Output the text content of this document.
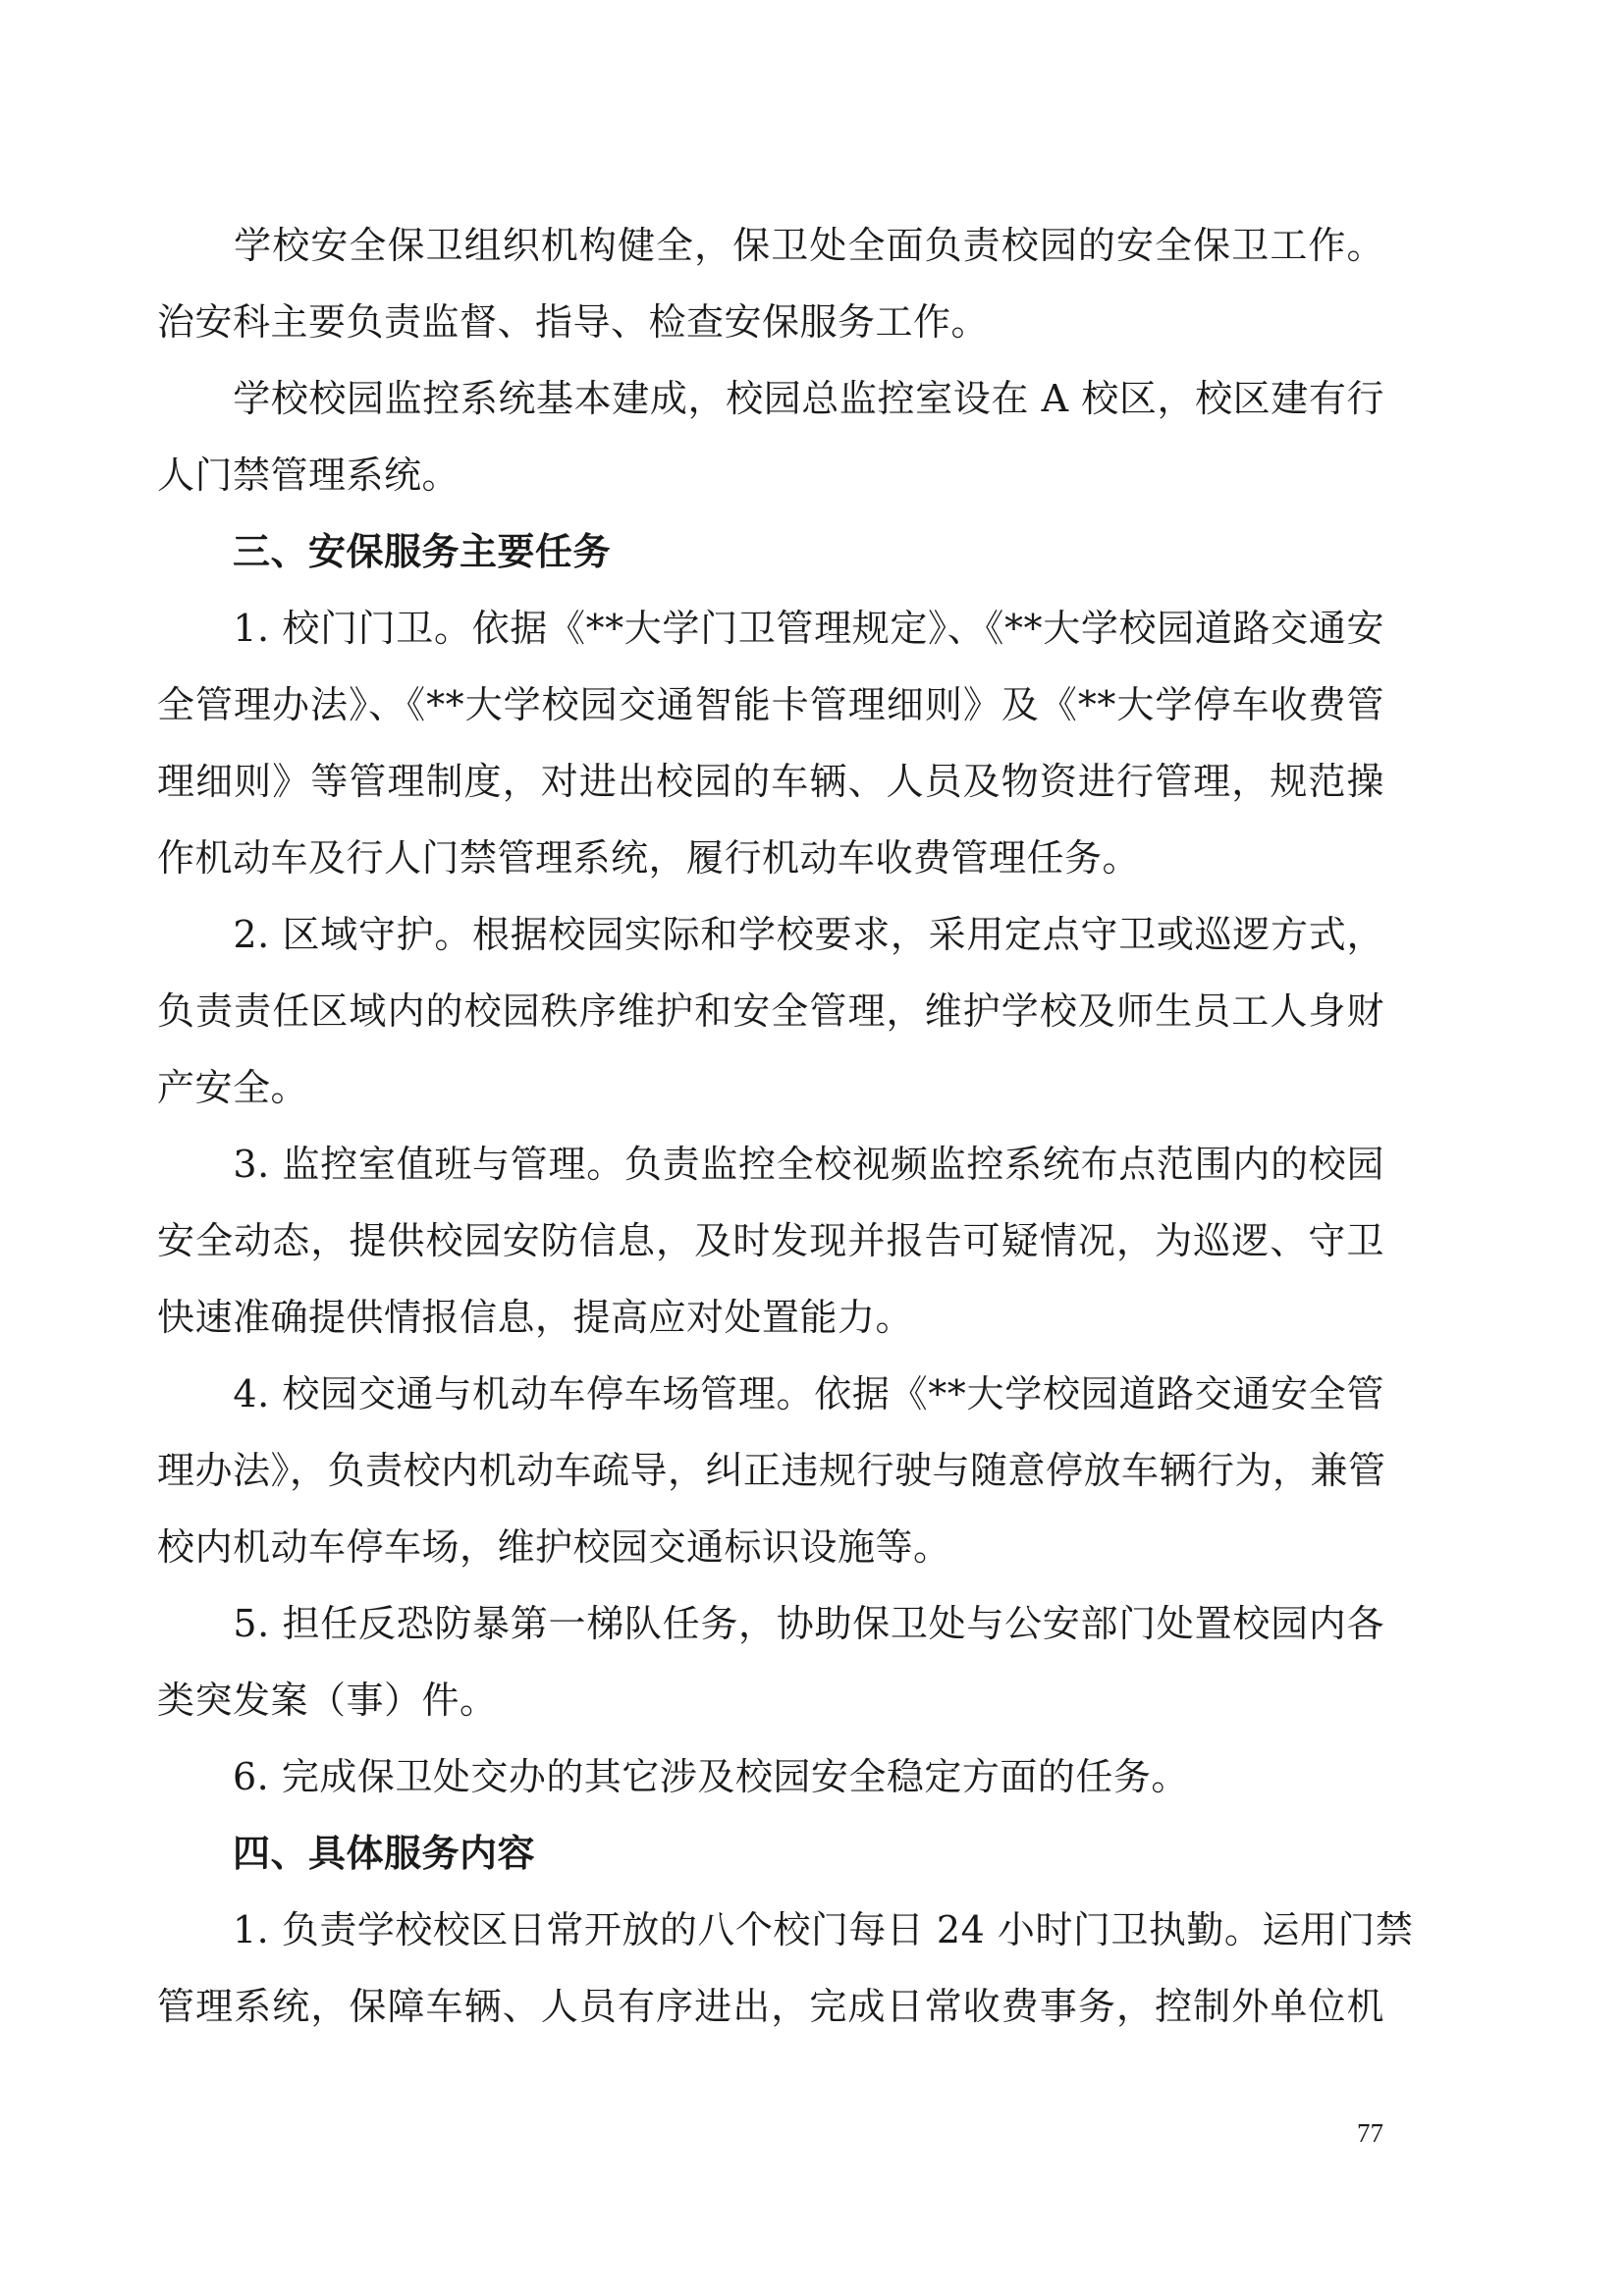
　　学校安全保卫组织机构健全，保卫处全面负责校园的安全保卫工作。
治安科主要负责监督、指导、检查安保服务工作。
　　学校校园监控系统基本建成，校园总监控室设在 A 校区，校区建有行
人门禁管理系统。
　　三、安保服务主要任务
　　1. 校门门卫。依据《**大学门卫管理规定》、《**大学校园道路交通安
全管理办法》、《**大学校园交通智能卡管理细则》及《**大学停车收费管
理细则》等管理制度，对进出校园的车辆、人员及物资进行管理，规范操
作机动车及行人门禁管理系统，履行机动车收费管理任务。
　　2. 区域守护。根据校园实际和学校要求，采用定点守卫或巡逻方式，
负责责任区域内的校园秩序维护和安全管理，维护学校及师生员工人身财
产安全。
　　3. 监控室值班与管理。负责监控全校视频监控系统布点范围内的校园
安全动态，提供校园安防信息，及时发现并报告可疑情况，为巡逻、守卫
快速准确提供情报信息，提高应对处置能力。
　　4. 校园交通与机动车停车场管理。依据《**大学校园道路交通安全管
理办法》，负责校内机动车疏导，纠正违规行驶与随意停放车辆行为，兼管
校内机动车停车场，维护校园交通标识设施等。
　　5. 担任反恐防暴第一梯队任务，协助保卫处与公安部门处置校园内各
类突发案（事）件。
　　6. 完成保卫处交办的其它涉及校园安全稳定方面的任务。
　　四、具体服务内容
　　1. 负责学校校区日常开放的八个校门每日 24 小时门卫执勤。运用门禁
管理系统，保障车辆、人员有序进出，完成日常收费事务，控制外单位机
77
